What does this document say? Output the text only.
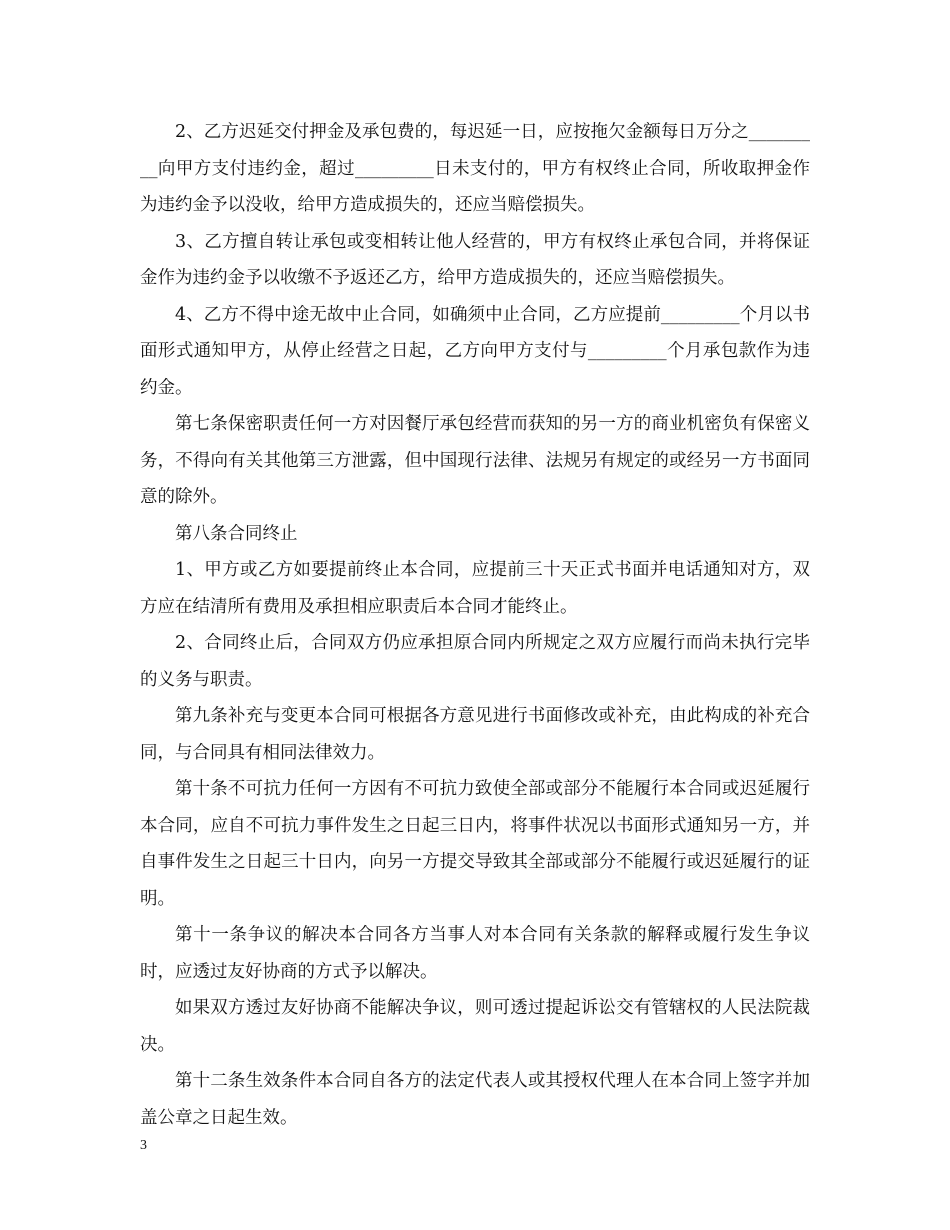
2、乙方迟延交付押金及承包费的，每迟延一日，应按拖欠金额每日万分之_________向甲方支付违约金，超过_________日未支付的，甲方有权终止合同，所收取押金作为违约金予以没收，给甲方造成损失的，还应当赔偿损失。

3、乙方擅自转让承包或变相转让他人经营的，甲方有权终止承包合同，并将保证金作为违约金予以收缴不予返还乙方，给甲方造成损失的，还应当赔偿损失。

4、乙方不得中途无故中止合同，如确须中止合同，乙方应提前_________个月以书面形式通知甲方，从停止经营之日起，乙方向甲方支付与_________个月承包款作为违约金。

第七条保密职责任何一方对因餐厅承包经营而获知的另一方的商业机密负有保密义务，不得向有关其他第三方泄露，但中国现行法律、法规另有规定的或经另一方书面同意的除外。

第八条合同终止

1、甲方或乙方如要提前终止本合同，应提前三十天正式书面并电话通知对方，双方应在结清所有费用及承担相应职责后本合同才能终止。

2、合同终止后，合同双方仍应承担原合同内所规定之双方应履行而尚未执行完毕的义务与职责。

第九条补充与变更本合同可根据各方意见进行书面修改或补充，由此构成的补充合同，与合同具有相同法律效力。

第十条不可抗力任何一方因有不可抗力致使全部或部分不能履行本合同或迟延履行本合同，应自不可抗力事件发生之日起三日内，将事件状况以书面形式通知另一方，并自事件发生之日起三十日内，向另一方提交导致其全部或部分不能履行或迟延履行的证明。

第十一条争议的解决本合同各方当事人对本合同有关条款的解释或履行发生争议时，应透过友好协商的方式予以解决。

如果双方透过友好协商不能解决争议，则可透过提起诉讼交有管辖权的人民法院裁决。

第十二条生效条件本合同自各方的法定代表人或其授权代理人在本合同上签字并加盖公章之日起生效。

3
